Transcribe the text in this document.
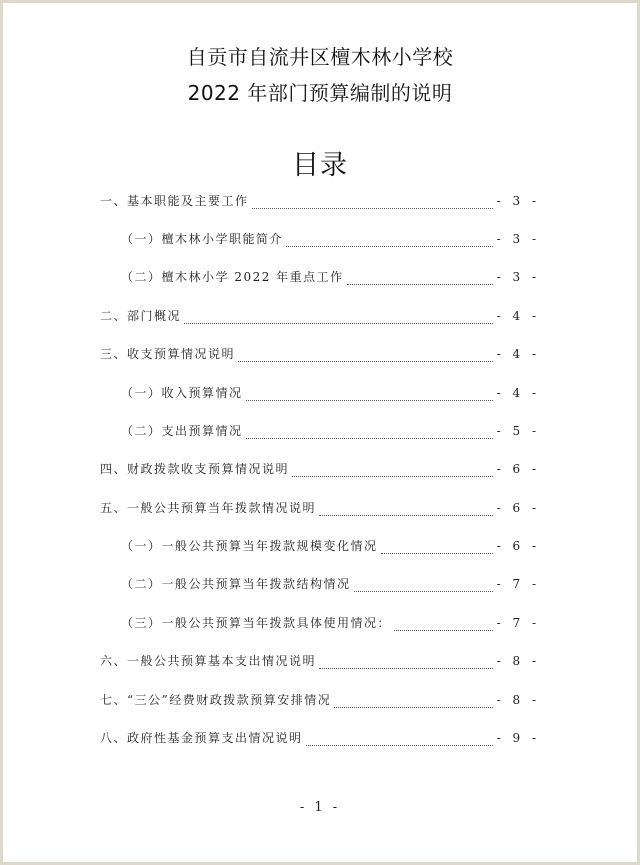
自贡市自流井区檀木林小学校
2022 年部门预算编制的说明
目录
一、基本职能及主要工作	- 3 -
（一）檀木林小学职能简介	- 3 -
（二）檀木林小学 2022 年重点工作	- 3 -
二、部门概况	- 4 -
三、收支预算情况说明	- 4 -
（一）收入预算情况	- 4 -
（二）支出预算情况	- 5 -
四、财政拨款收支预算情况说明	- 6 -
五、一般公共预算当年拨款情况说明	- 6 -
（一）一般公共预算当年拨款规模变化情况	- 6 -
（二）一般公共预算当年拨款结构情况	- 7 -
（三）一般公共预算当年拨款具体使用情况：	- 7 -
六、一般公共预算基本支出情况说明	- 8 -
七、“三公”经费财政拨款预算安排情况	- 8 -
八、政府性基金预算支出情况说明	- 9 -
- 1 -
